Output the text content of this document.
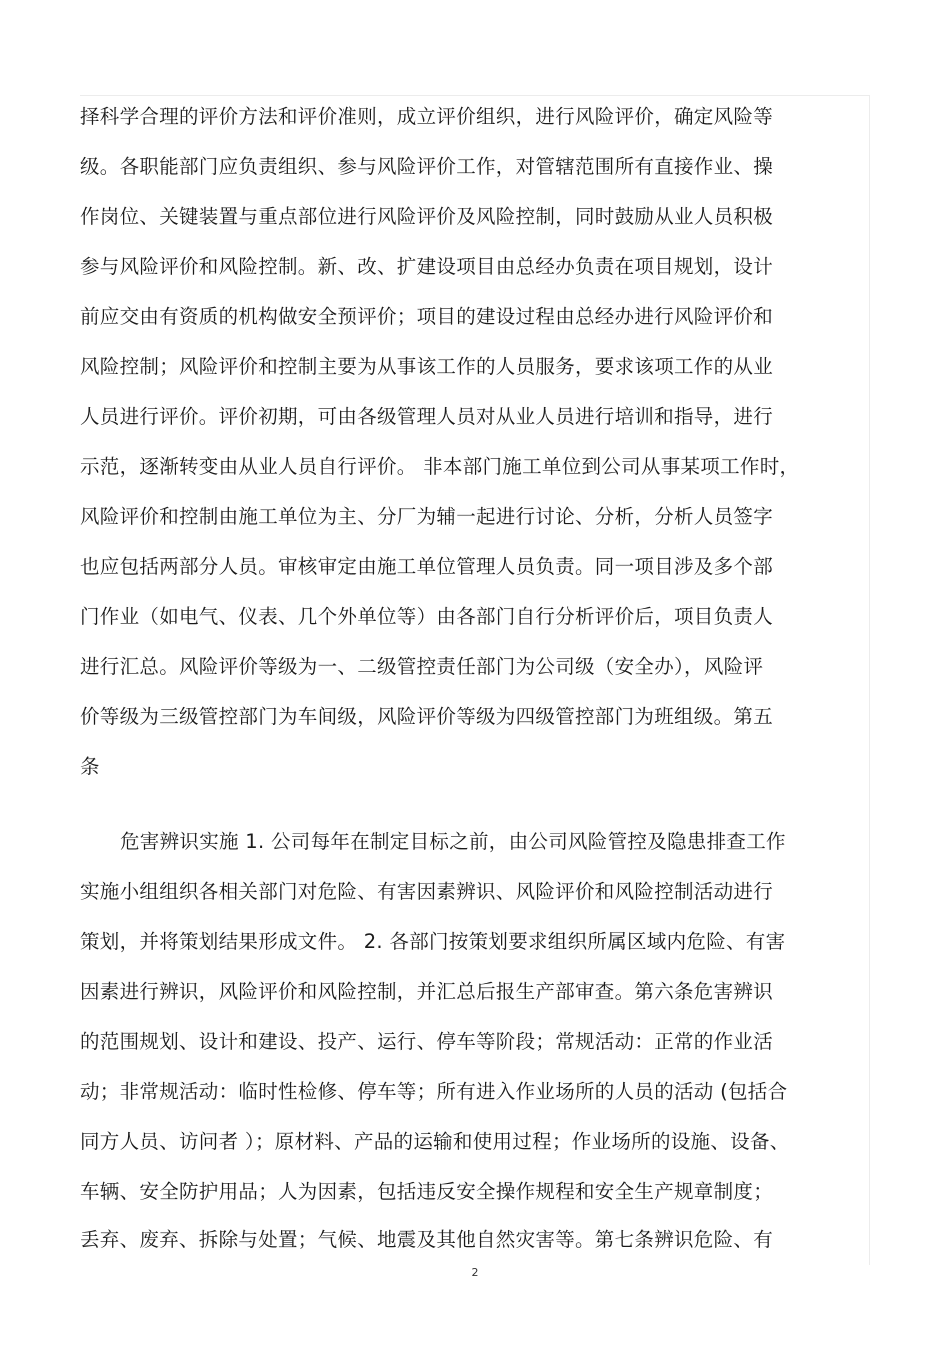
择科学合理的评价方法和评价准则，成立评价组织，进行风险评价，确定风险等
级。各职能部门应负责组织、参与风险评价工作，对管辖范围所有直接作业、操
作岗位、关键装置与重点部位进行风险评价及风险控制，同时鼓励从业人员积极
参与风险评价和风险控制。新、改、扩建设项目由总经办负责在项目规划，设计
前应交由有资质的机构做安全预评价；项目的建设过程由总经办进行风险评价和
风险控制；风险评价和控制主要为从事该工作的人员服务，要求该项工作的从业
人员进行评价。评价初期，可由各级管理人员对从业人员进行培训和指导，进行
示范，逐渐转变由从业人员自行评价。 非本部门施工单位到公司从事某项工作时，
风险评价和控制由施工单位为主、分厂为辅一起进行讨论、分析，分析人员签字
也应包括两部分人员。审核审定由施工单位管理人员负责。同一项目涉及多个部
门作业（如电气、仪表、几个外单位等）由各部门自行分析评价后，项目负责人
进行汇总。风险评价等级为一、二级管控责任部门为公司级（安全办），风险评
价等级为三级管控部门为车间级，风险评价等级为四级管控部门为班组级。第五
条
危害辨识实施 1. 公司每年在制定目标之前，由公司风险管控及隐患排查工作
实施小组组织各相关部门对危险、有害因素辨识、风险评价和风险控制活动进行
策划，并将策划结果形成文件。 2. 各部门按策划要求组织所属区域内危险、有害
因素进行辨识，风险评价和风险控制，并汇总后报生产部审查。第六条危害辨识
的范围规划、设计和建设、投产、运行、停车等阶段；常规活动：正常的作业活
动；非常规活动：临时性检修、停车等；所有进入作业场所的人员的活动 (包括合
同方人员、访问者 ）；原材料、产品的运输和使用过程；作业场所的设施、设备、
车辆、安全防护用品；人为因素，包括违反安全操作规程和安全生产规章制度；
丢弃、废弃、拆除与处置；气候、地震及其他自然灾害等。第七条辨识危险、有
2
